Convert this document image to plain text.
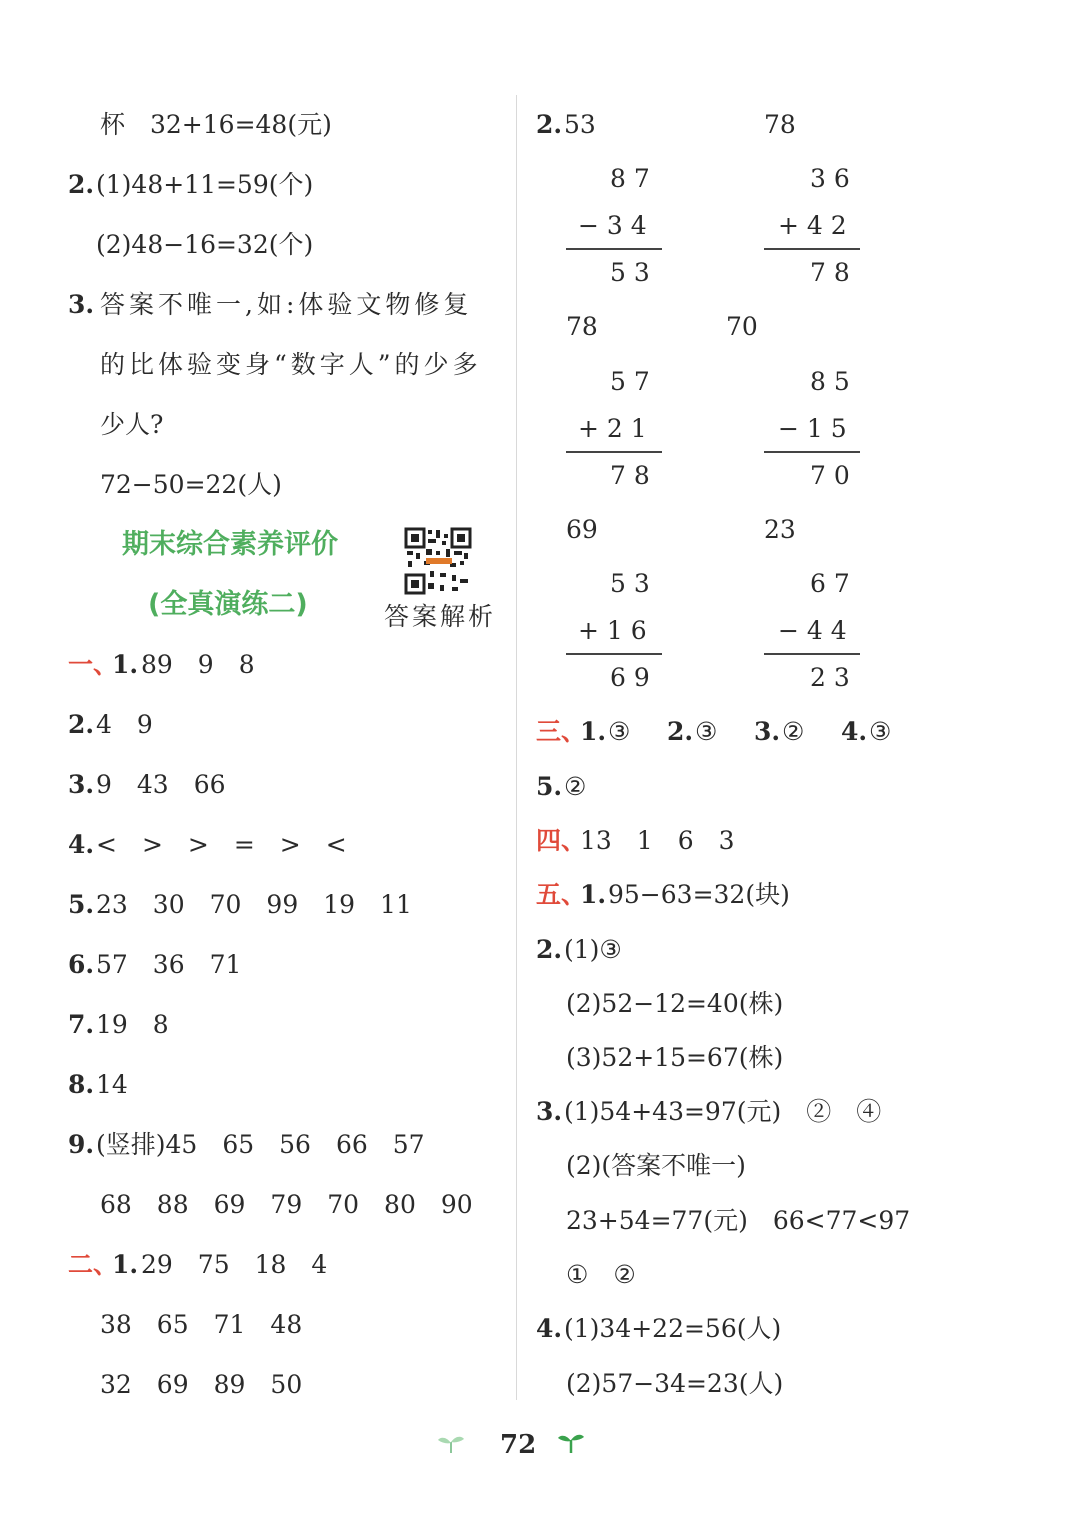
杯　32+16=48(元)
2. (1)48+11=59(个)
(2)48−16=32(个)
3. 答案不唯一,如:体验文物修复
的比体验变身“数字人”的少多
少人?
72−50=22(人)
期末综合素养评价
(全真演练二)	答案解析
一、
1. 89　9　8
2. 4　9
3. 9　43　66
4. <　>　>　=　>　<
5. 23　30　70　99　19　11
6. 57　36　71
7. 19　8
8. 14
9. (竖排)45　65　56　66　57
68　88　69　79　70　80　90
二、
1. 29　75　18　4
38　65　71　48
32　69　89　50
2. 53	78
8 7
− 3 4
5 3
3 6
+ 4 2
7 8
78	70
5 7
+ 2 1
7 8
8 5
− 1 5
7 0
69	23
5 3
+ 1 6
6 9
6 7
− 4 4
2 3
三、
1. ③ 2. ③ 3. ② 4. ③
5. ②
四、
13　1　6　3
五、
1. 95−63=32(块)
2. (1)③
(2)52−12=40(株)
(3)52+15=67(株)
3. (1)54+43=97(元)　②　④
(2)(答案不唯一)
23+54=77(元)　66<77<97
①　②
4. (1)34+22=56(人)
(2)57−34=23(人)
72
